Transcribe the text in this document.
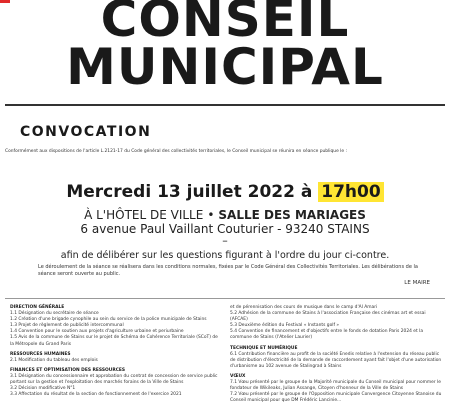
CONSEIL
MUNICIPAL
CONVOCATION
Conformément aux dispositions de l'article L.2121-17 du Code général des collectivités territoriales, le Conseil municipal se réunira en séance publique le :
Mercredi 13 juillet 2022 à 17h00
À L'HÔTEL DE VILLE • SALLE DES MARIAGES
6 avenue Paul Vaillant Couturier - 93240 STAINS
–
afin de délibérer sur les questions figurant à l'ordre du jour ci-contre.
Le déroulement de la séance se réalisera dans les conditions normales, fixées par le Code Général des Collectivités Territoriales. Les délibérations de la séance seront ouverte au public.
LE MAIRE
DIRECTION GÉNÉRALE
1.1 Désignation du secrétaire de séance
1.2 Création d'une brigade cynophile au sein du service de la police municipale de Stains
1.3 Projet de règlement de publicité intercommunal
1.4 Convention pour le soutien aux projets d'agriculture urbaine et periurbaine
1.5 Avis de la commune de Stains sur le projet de Schéma de Cohérence Territoriale (SCoT) de la Métropole du Grand Paris
RESSOURCES HUMAINES
2.1 Modification du tableau des emplois
FINANCES ET OPTIMISATION DES RESSOURCES
3.1 Désignation du concessionnaire et approbation du contrat de concession de service public portant sur la gestion et l'exploitation des marchés forains de la Ville de Stains
3.2 Décision modificative N°1
3.3 Affectation du résultat de la section de fonctionnement de l'exercice 2021
et de pérennisation des cours de musique dans le camp d'Al Amari
5.2 Adhésion de la commune de Stains à l'association Française des cinémas art et essai (AFCAE)
5.3 Deuxième édition du Festival « Instants golf »
5.4 Convention de financement et d'objectifs entre le fonds de dotation Paris 2024 et la commune de Stains (l'Atelier Laurier)
TECHNIQUE ET NUMÉRIQUE
6.1 Contribution financière au profit de la société Enedis relative à l'extension du réseau public de distribution d'électricité de la demande de raccordement ayant fait l'objet d'une autorisation d'urbanisme au 102 avenue de Stalingrad à Stains
VŒUX
7.1 Vœu présenté par le groupe de la Majorité municipale du Conseil municipal pour nommer le fondateur de Wikileaks, Julian Assange, Citoyen d'honneur de la Ville de Stains
7.2 Vœu présenté par le groupe de l'Opposition municipale Convergence Citoyenne Stanoise du Conseil municipal pour que DM Frédéric Lancinie...
